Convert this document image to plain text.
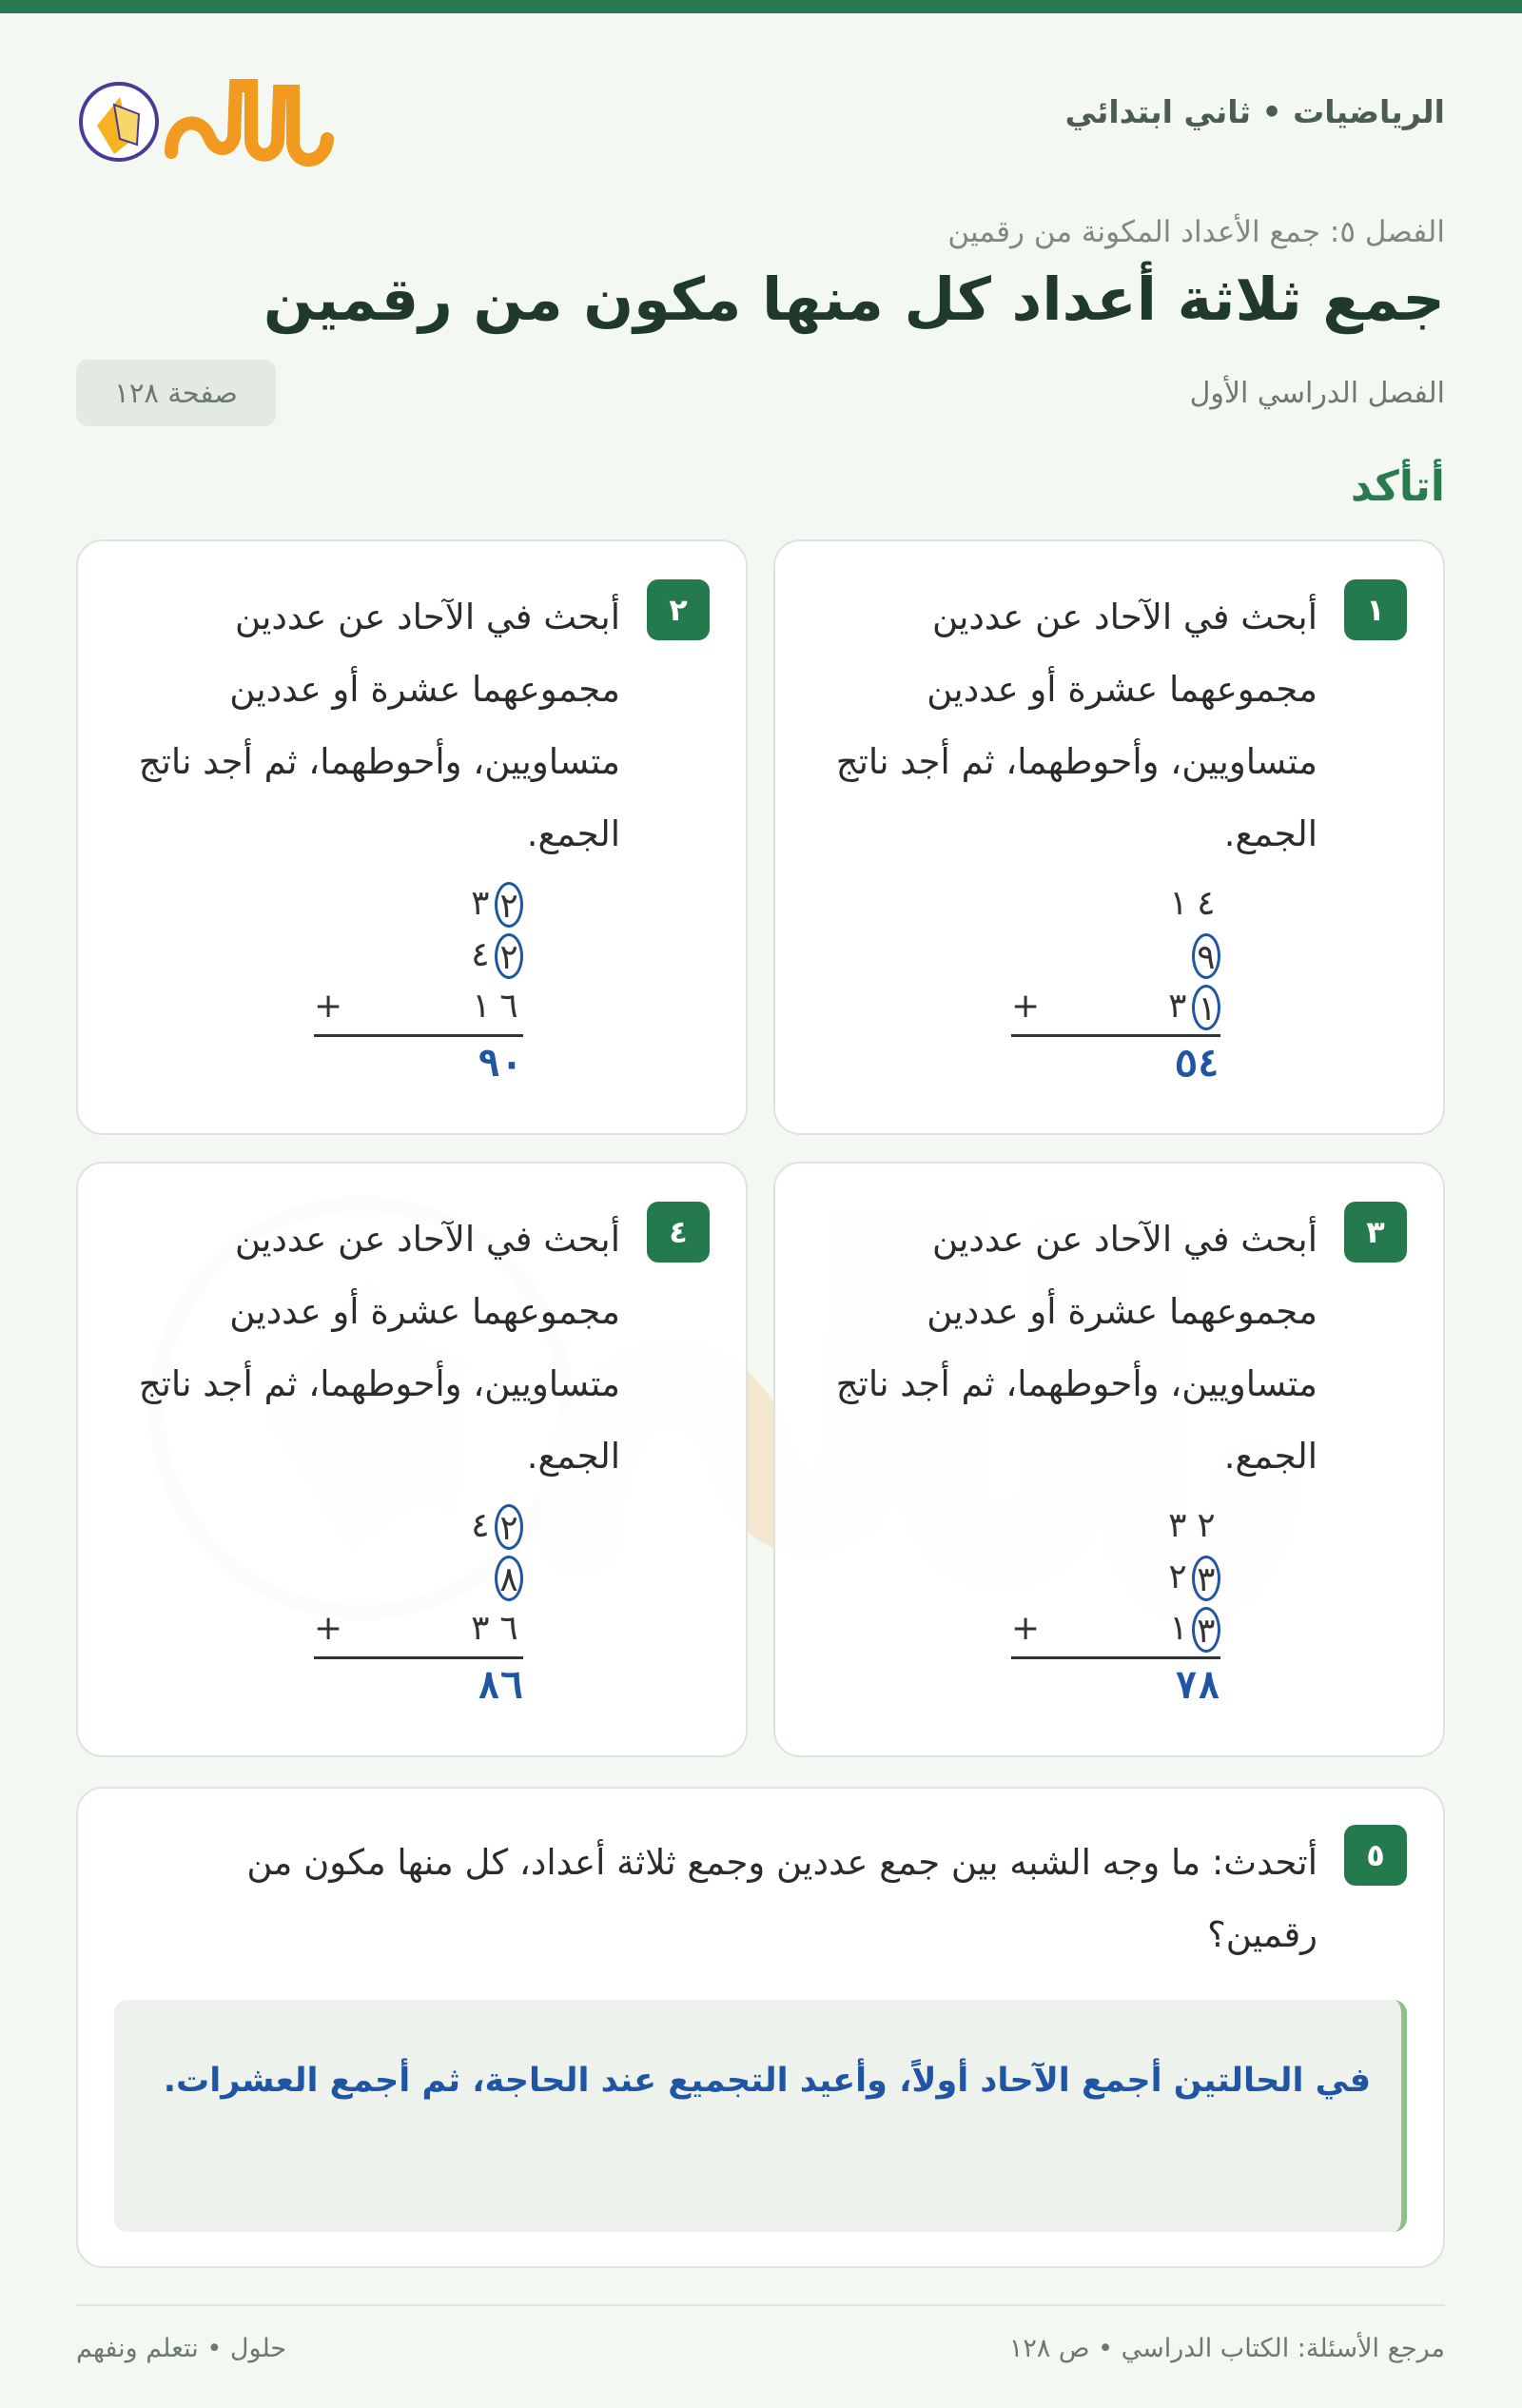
الرياضيات • ثاني ابتدائي
الفصل ٥: جمع الأعداد المكونة من رقمين
جمع ثلاثة أعداد كل منها مكون من رقمين
الفصل الدراسي الأول
صفحة ١٢٨
أتأكد
١
أبحث في الآحاد عن عددين مجموعهما عشرة أو عددين متساويين، وأحوطهما، ثم أجد ناتج الجمع.
١ ٤
٩
٣ ١
+
٥٤
٢
أبحث في الآحاد عن عددين مجموعهما عشرة أو عددين متساويين، وأحوطهما، ثم أجد ناتج الجمع.
٣ ٢
٤ ٢
١ ٦
+
٩٠
٣
أبحث في الآحاد عن عددين مجموعهما عشرة أو عددين متساويين، وأحوطهما، ثم أجد ناتج الجمع.
٣ ٢
٢ ٣
١ ٣
+
٧٨
٤
أبحث في الآحاد عن عددين مجموعهما عشرة أو عددين متساويين، وأحوطهما، ثم أجد ناتج الجمع.
٤ ٢
٨
٣ ٦
+
٨٦
٥
أتحدث: ما وجه الشبه بين جمع عددين وجمع ثلاثة أعداد، كل منها مكون من رقمين؟

في الحالتين أجمع الآحاد أولاً، وأعيد التجميع عند الحاجة، ثم أجمع العشرات.

مرجع الأسئلة: الكتاب الدراسي • ص ١٢٨
حلول • نتعلم ونفهم
